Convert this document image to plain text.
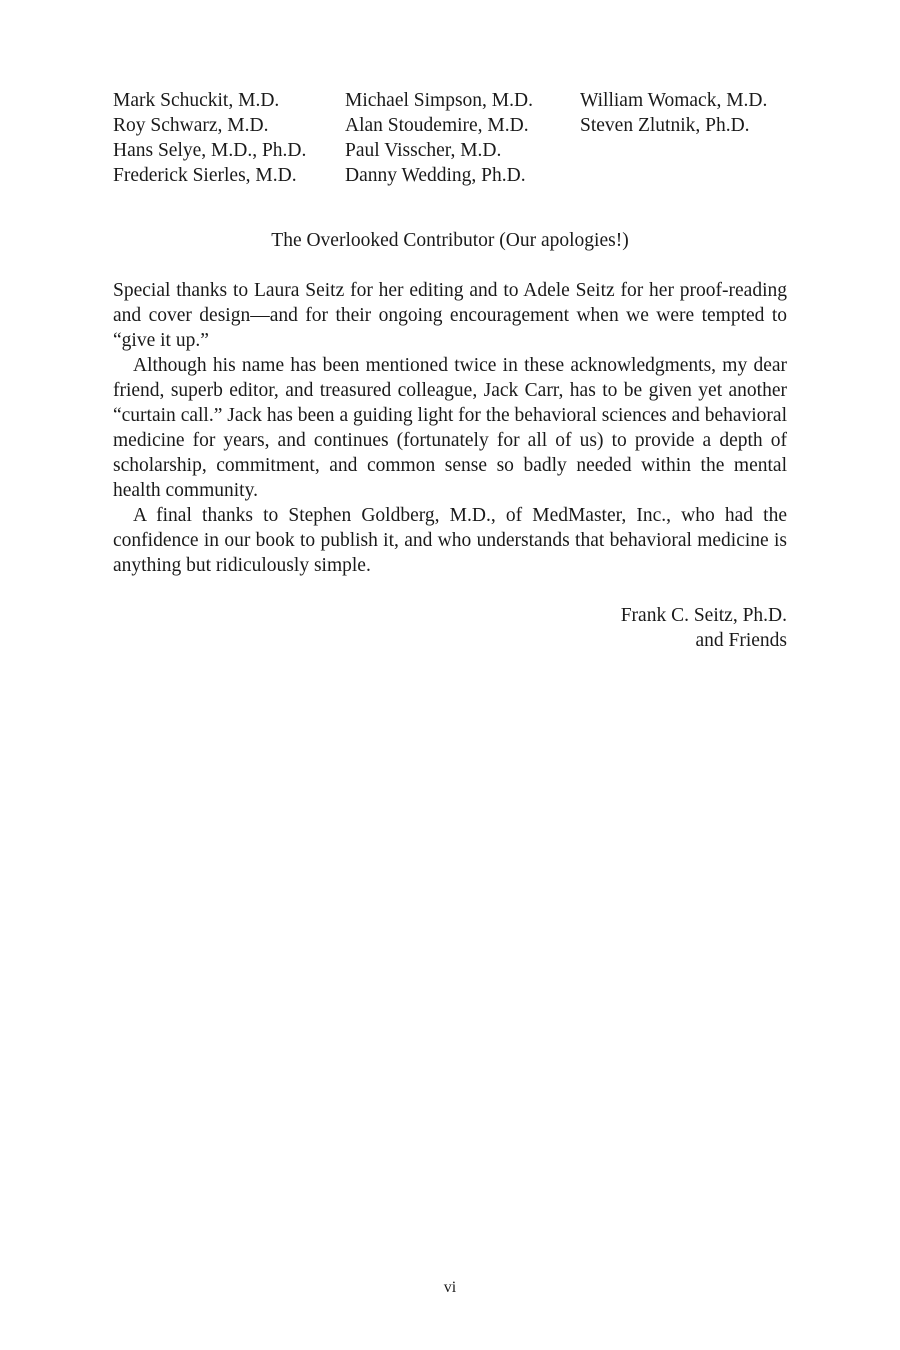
Mark Schuckit, M.D.
Roy Schwarz, M.D.
Hans Selye, M.D., Ph.D.
Frederick Sierles, M.D.
Michael Simpson, M.D.
Alan Stoudemire, M.D.
Paul Visscher, M.D.
Danny Wedding, Ph.D.
William Womack, M.D.
Steven Zlutnik, Ph.D.
The Overlooked Contributor (Our apologies!)

Special thanks to Laura Seitz for her editing and to Adele Seitz for her proof-reading and cover design—and for their ongoing encouragement when we were tempted to “give it up.”

Although his name has been mentioned twice in these acknowledgments, my dear friend, superb editor, and treasured colleague, Jack Carr, has to be given yet another “curtain call.” Jack has been a guiding light for the behavioral sciences and behavioral medicine for years, and continues (fortunately for all of us) to provide a depth of scholarship, commitment, and common sense so badly needed within the mental health community.

A final thanks to Stephen Goldberg, M.D., of MedMaster, Inc., who had the confidence in our book to publish it, and who understands that behavioral medicine is anything but ridiculously simple.

Frank C. Seitz, Ph.D.
and Friends
vi
